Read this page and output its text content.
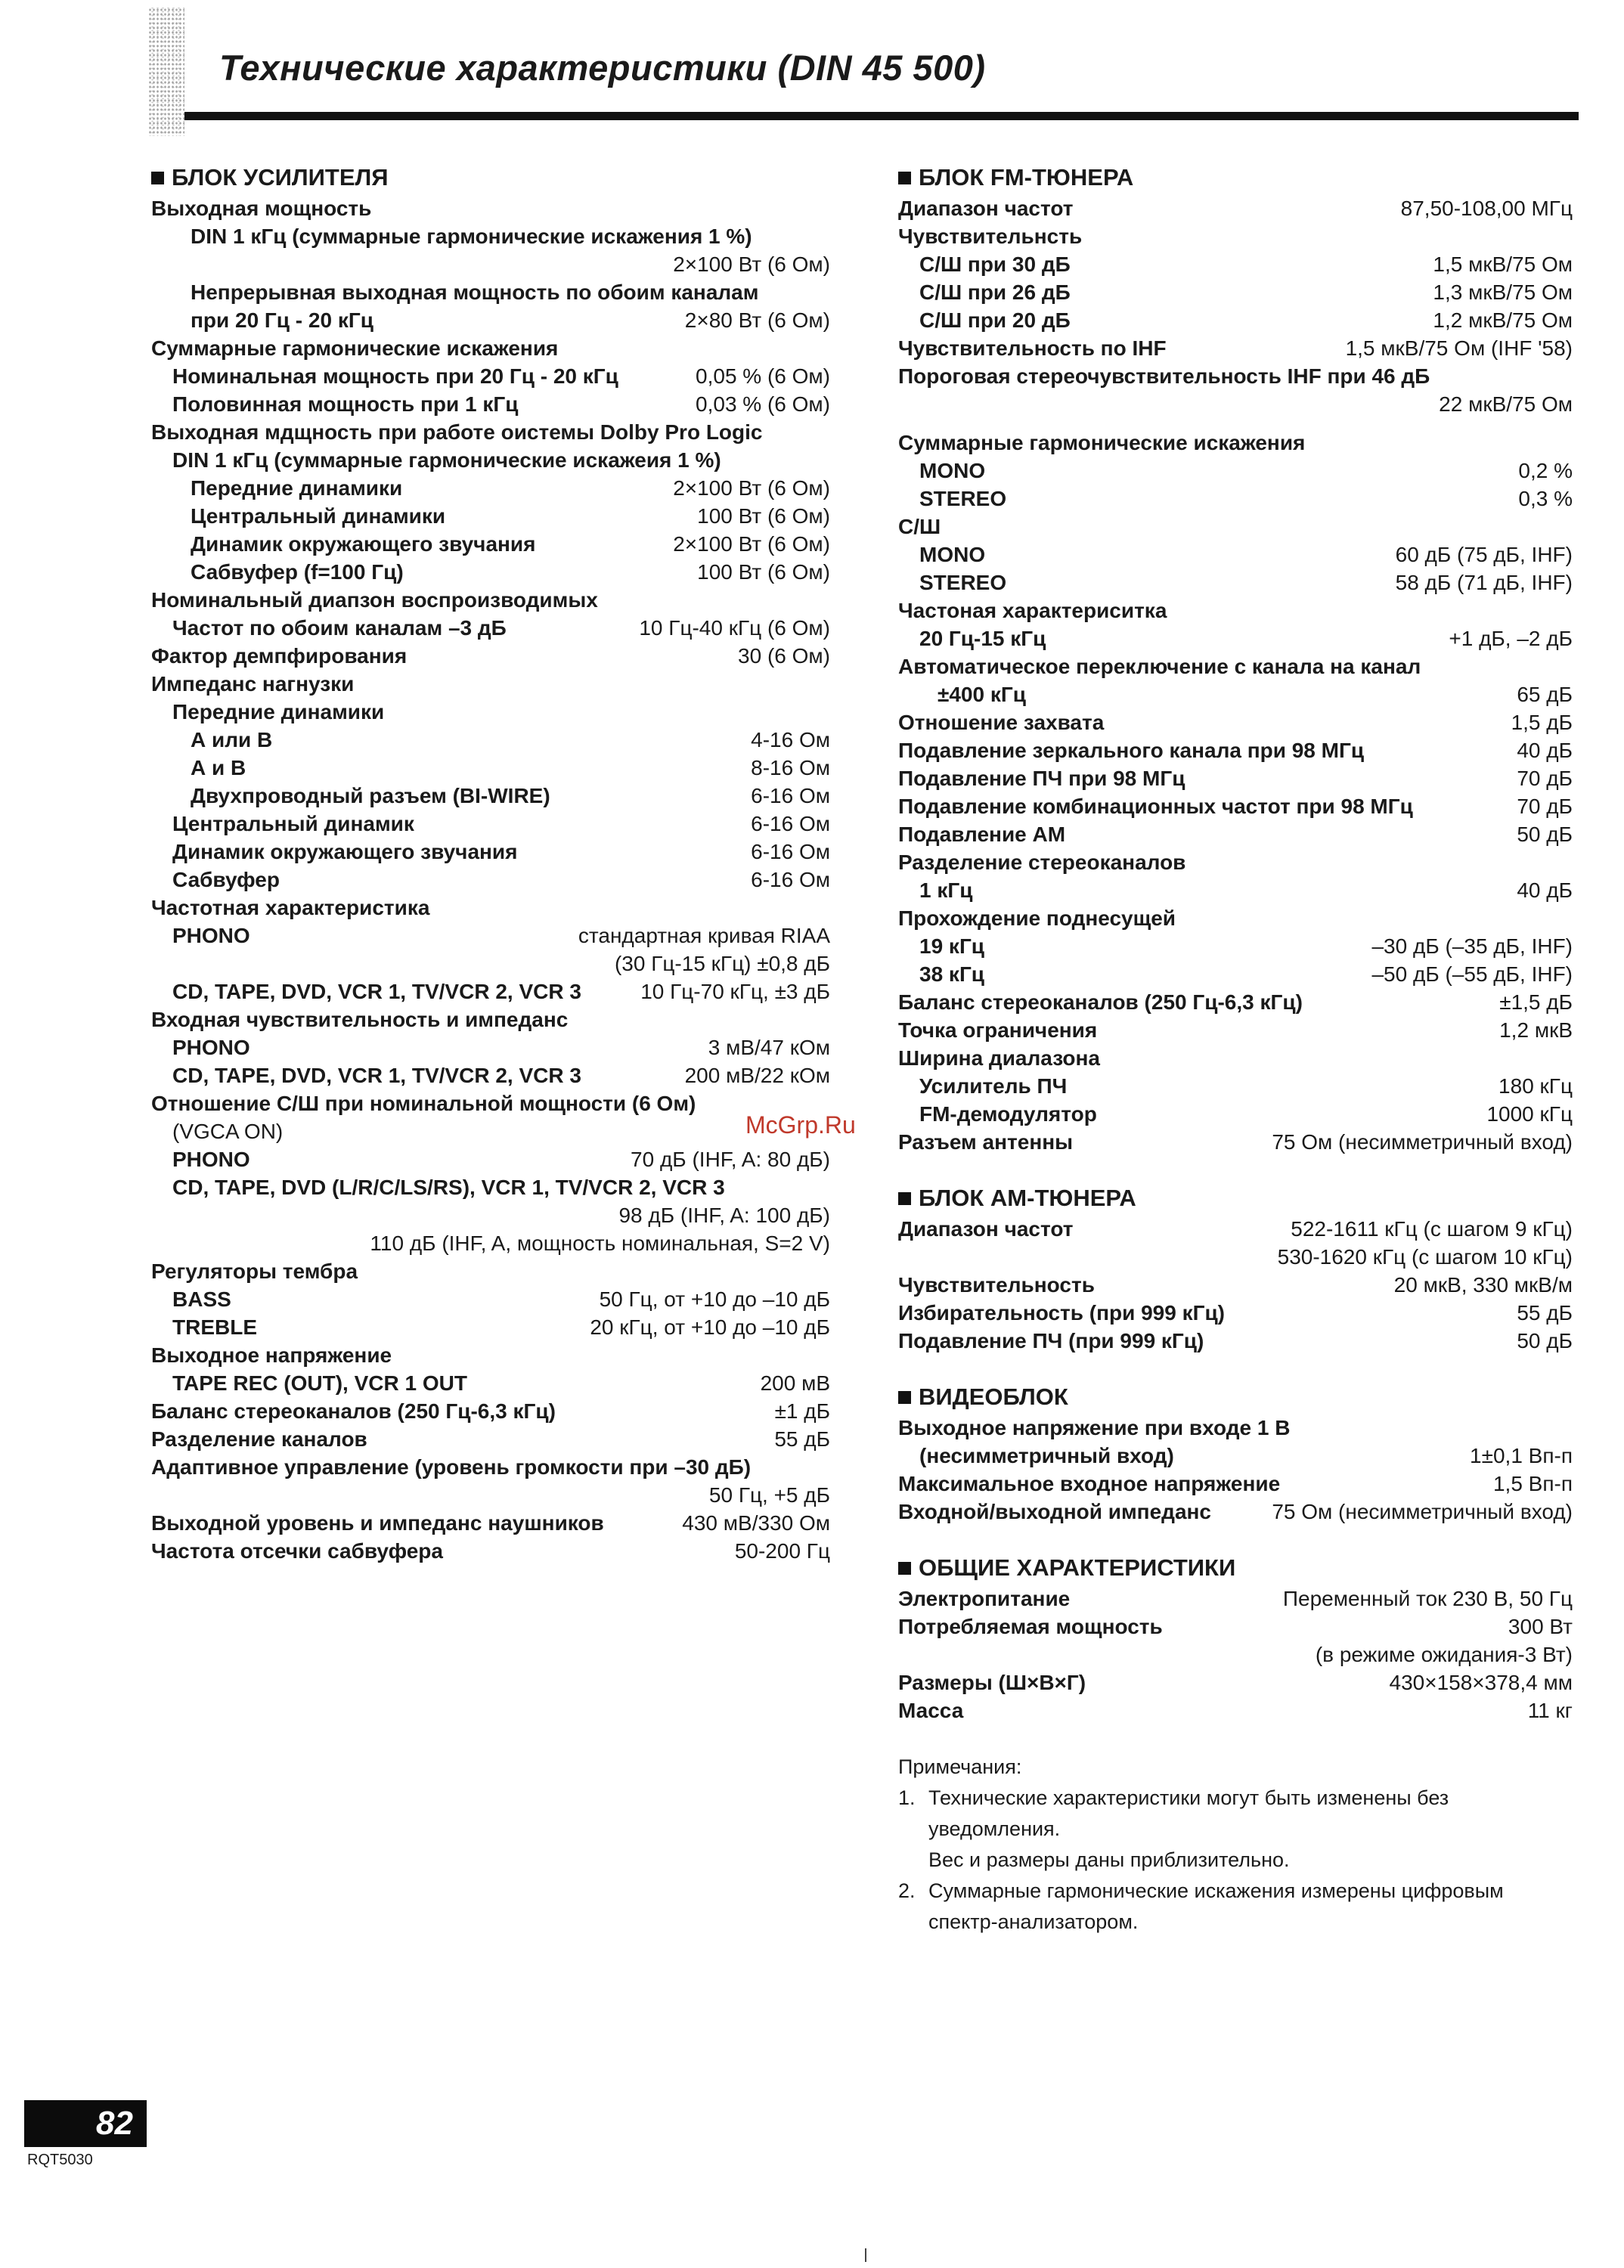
Технические характеристики (DIN 45 500)
БЛОК УСИЛИТЕЛЯ
Выходная мощность
DIN 1 кГц (суммарные гармонические искажения 1 %)
2×100 Вт (6 Ом)
Непрерывная выходная мощность по обоим каналам
при 20 Гц - 20 кГц	2×80 Вт (6 Ом)
Суммарные гармонические искажения
Номинальная мощность при 20 Гц - 20 кГц	0,05 % (6 Ом)
Половинная мощность при 1 кГц	0,03 % (6 Ом)
Выходная мдщность при работе оистемы Dolby Pro Logic
DIN 1 кГц (суммарные гармонические искажеия 1 %)
Передние динамики	2×100 Вт (6 Ом)
Центральный динамики	100 Вт (6 Ом)
Динамик окружающего звучания	2×100 Вт (6 Ом)
Сабвуфер (f=100 Гц)	100 Вт (6 Ом)
Номинальный диапзон воспроизводимых
Частот по обоим каналам –3 дБ	10 Гц-40 кГц (6 Ом)
Фактор демпфирования	30 (6 Ом)
Импеданс нагнузки
Передние динамики
А или В	4-16 Ом
А и В	8-16 Ом
Двухпроводный разъем (BI-WIRE)	6-16 Ом
Центральный динамик	6-16 Ом
Динамик окружающего звучания	6-16 Ом
Сабвуфер	6-16 Ом
Частотная характеристика
PHONO	стандартная кривая RIAA
(30 Гц-15 кГц) ±0,8 дБ
CD, TAPE, DVD, VCR 1, TV/VCR 2, VCR 3	10 Гц-70 кГц, ±3 дБ
Входная чувствительность и импеданс
PHONO	3 мВ/47 кОм
CD, TAPE, DVD, VCR 1, TV/VCR 2, VCR 3	200 мВ/22 кОм
Отношение С/Ш при номинальной мощности (6 Ом)
(VGCA ON)
PHONO	70 дБ (IHF, A: 80 дБ)
CD, TAPE, DVD (L/R/C/LS/RS), VCR 1, TV/VCR 2, VCR 3
98 дБ (IHF, A: 100 дБ)
110 дБ (IHF, A, мощность номинальная, S=2 V)
Регуляторы тембра
BASS	50 Гц, от +10 до –10 дБ
TREBLE	20 кГц, от +10 до –10 дБ
Выходное напряжение
TAPE REC (OUT), VCR 1 OUT	200 мВ
Баланс стереоканалов (250 Гц-6,3 кГц)	±1 дБ
Разделение каналов	55 дБ
Адаптивное управление (уровень громкости при –30 дБ)
50 Гц, +5 дБ
Выходной уровень и импеданс наушников	430 мВ/330 Ом
Частота отсечки сабвуфера	50-200 Гц
БЛОК FM-ТЮНЕРА
Диапазон частот	87,50-108,00 МГц
Чувствительнсть
С/Ш при 30 дБ	1,5 мкВ/75 Ом
С/Ш при 26 дБ	1,3 мкВ/75 Ом
С/Ш при 20 дБ	1,2 мкВ/75 Ом
Чувствительность по IHF	1,5 мкВ/75 Ом (IHF '58)
Пороговая стереочувствительность IHF при 46 дБ
22 мкВ/75 Ом
Суммарные гармонические искажения
MONO	0,2 %
STEREO	0,3 %
С/Ш
MONO	60 дБ (75 дБ, IHF)
STEREO	58 дБ (71 дБ, IHF)
Частоная характериситка
20 Гц-15 кГц	+1 дБ, –2 дБ
Автоматическое переключение с канала на канал
±400 кГц	65 дБ
Отношение захвата	1,5 дБ
Подавление зеркального канала при 98 МГц	40 дБ
Подавление ПЧ при 98 МГц	70 дБ
Подавление комбинационных частот при 98 МГц	70 дБ
Подавление АМ	50 дБ
Разделение стереоканалов
1 кГц	40 дБ
Прохождение поднесущей
19 кГц	–30 дБ (–35 дБ, IHF)
38 кГц	–50 дБ (–55 дБ, IHF)
Баланс стереоканалов (250 Гц-6,3 кГц)	±1,5 дБ
Точка ограничения	1,2 мкВ
Ширина диалазона
Усилитель ПЧ	180 кГц
FM-демодулятор	1000 кГц
Разъем антенны	75 Ом (несимметричный вход)
БЛОК АМ-ТЮНЕРА
Диапазон частот	522-1611 кГц (с шагом 9 кГц)
530-1620 кГц (с шагом 10 кГц)
Чувствительность	20 мкВ, 330 мкВ/м
Избирательность (при 999 кГц)	55 дБ
Подавление ПЧ (при 999 кГц)	50 дБ
ВИДЕОБЛОК
Выходное напряжение при входе 1 В
(несимметричный вход)	1±0,1 Вп-п
Максимальное входное напряжение	1,5 Вп-п
Входной/выходной импеданс	75 Ом (несимметричный вход)
ОБЩИЕ ХАРАКТЕРИСТИКИ
Электропитание	Переменный ток 230 В, 50 Гц
Потребляемая мощность	300 Вт
(в режиме ожидания-3 Вт)
Размеры (Ш×В×Г)	430×158×378,4 мм
Масса	11 кг
Примечания:
1. Технические характеристики могут быть изменены без
уведомления.
Вес и размеры даны приблизительно.
2. Суммарные гармонические искажения измерены цифровым
спектр-анализатором.
McGrp.Ru
82
RQT5030
